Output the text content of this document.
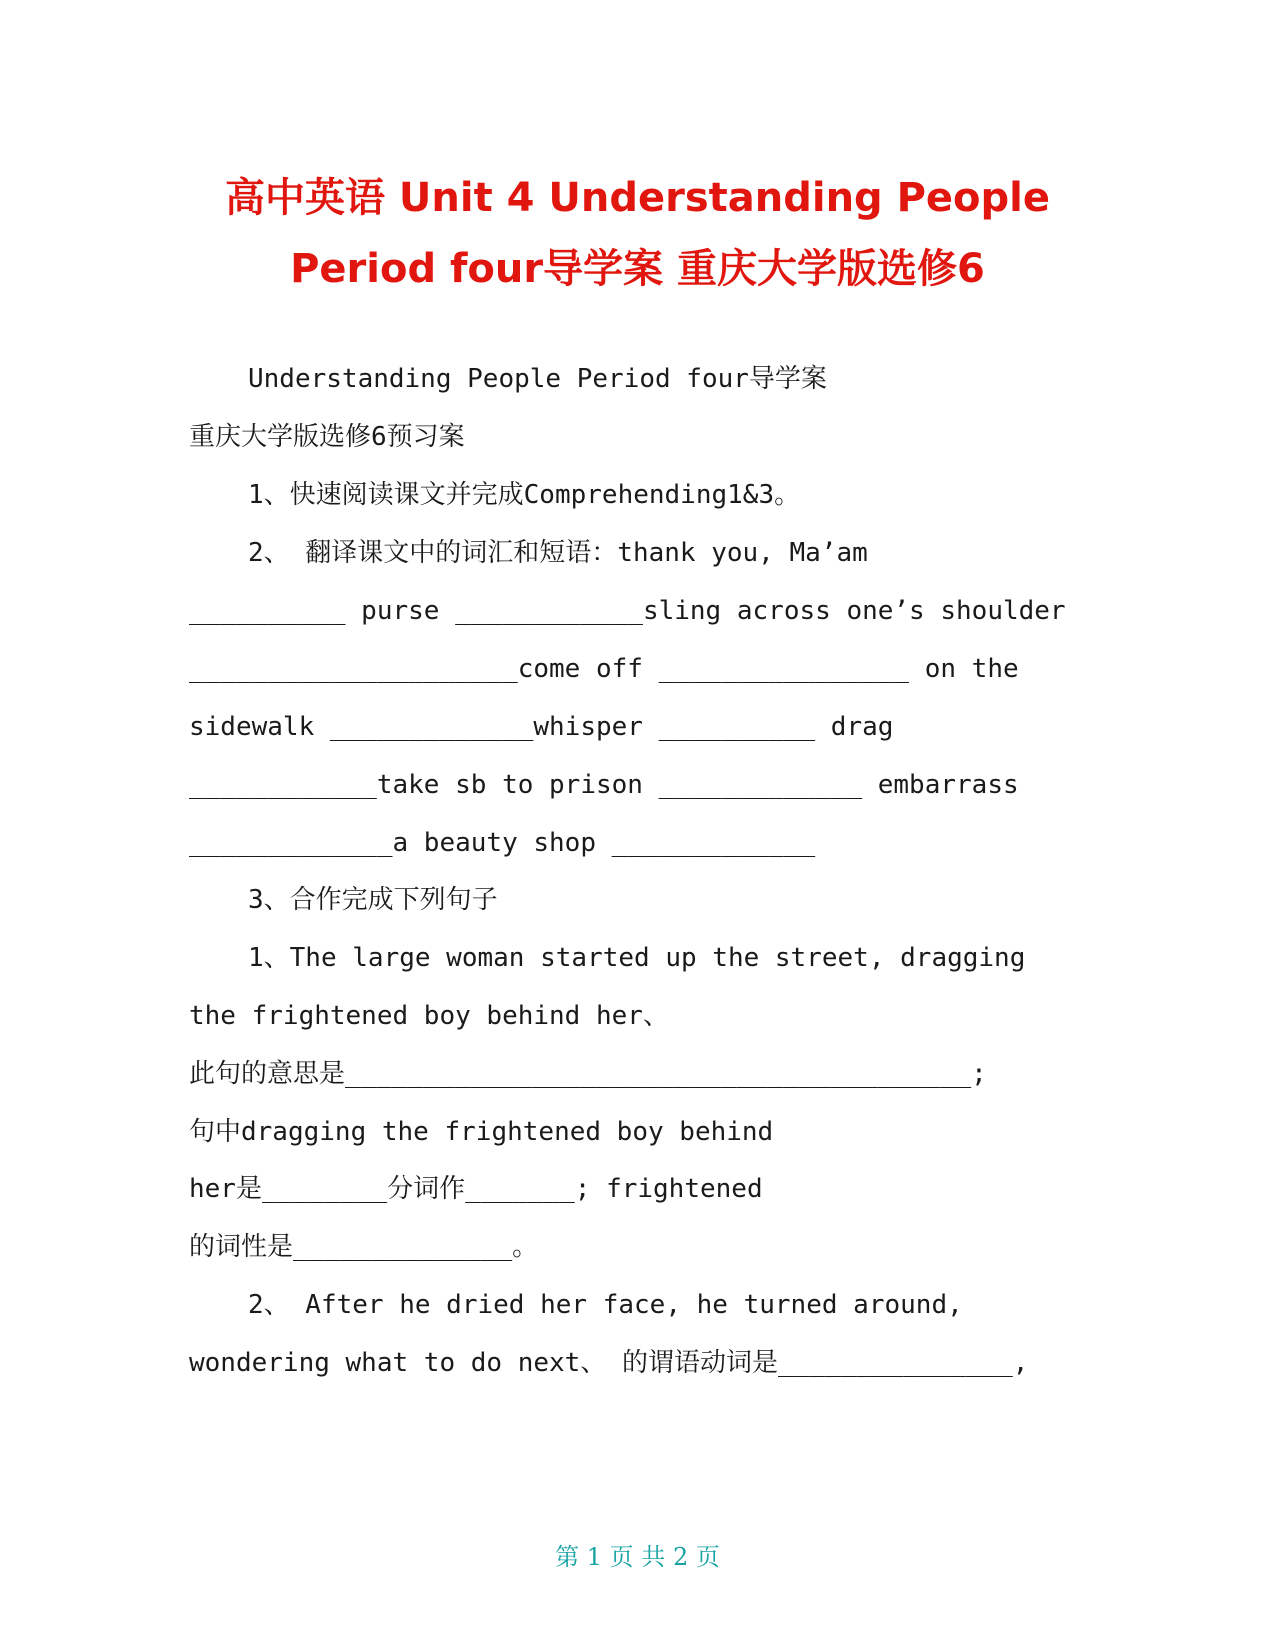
高中英语 Unit 4 Understanding People
Period four导学案 重庆大学版选修6
Understanding People Period four导学案
重庆大学版选修6预习案
1、快速阅读课文并完成Comprehending1&3。
2、 翻译课文中的词汇和短语：thank you, Ma’am
__________ purse ____________sling across one’s shoulder
_____________________come off ________________ on the
sidewalk _____________whisper __________ drag
____________take sb to prison _____________ embarrass
_____________a beauty shop _____________
3、合作完成下列句子
1、The large woman started up the street, dragging
the frightened boy behind her、
此句的意思是________________________________________;
句中dragging the frightened boy behind
her是________分词作_______; frightened
的词性是______________。
2、 After he dried her face, he turned around,
wondering what to do next、 的谓语动词是_______________,
第 1 页 共 2 页
